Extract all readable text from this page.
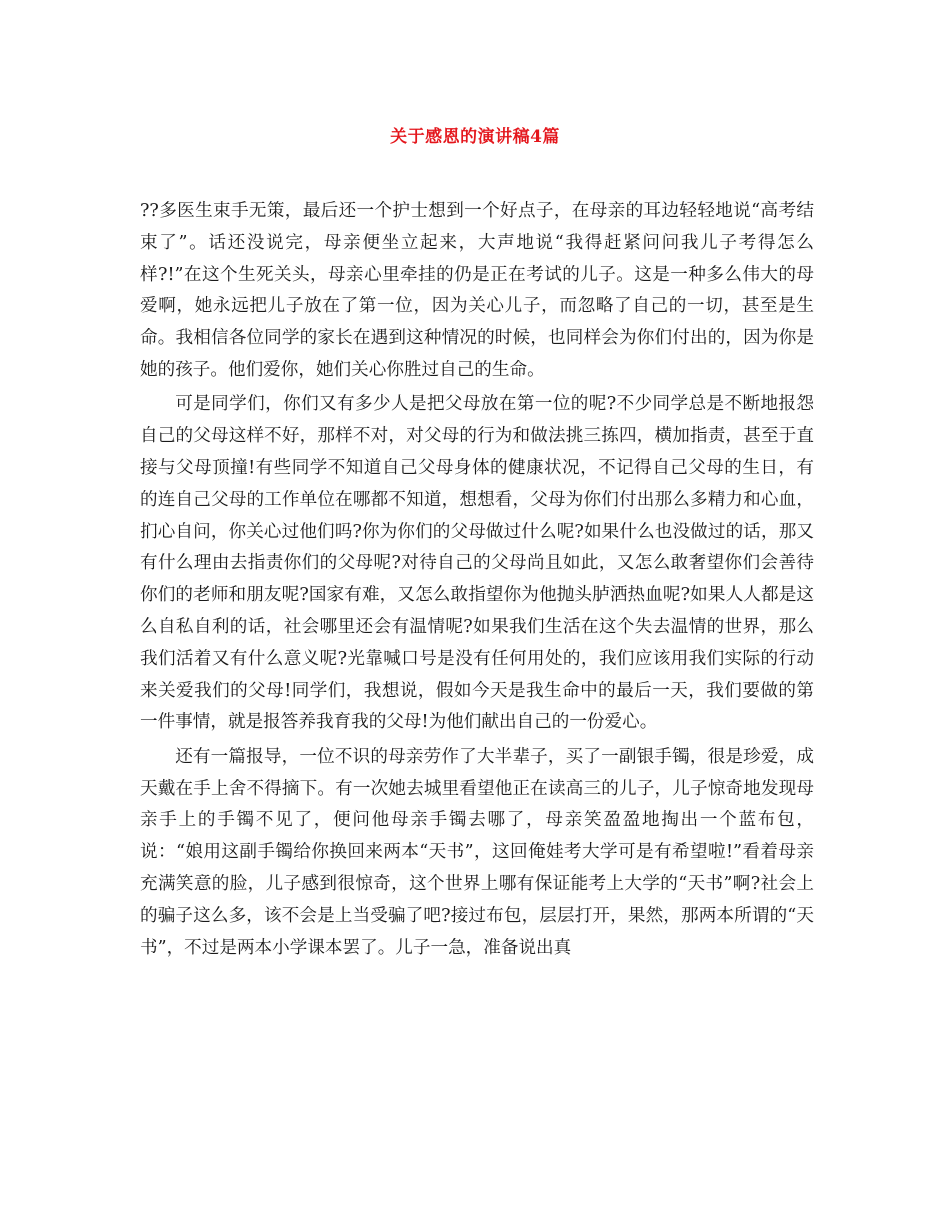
关于感恩的演讲稿4篇

??多医生束手无策，最后还一个护士想到一个好点子，在母亲的耳边轻轻地说“高考结束了”。话还没说完，母亲便坐立起来，大声地说“我得赶紧问问我儿子考得怎么样?!”在这个生死关头，母亲心里牵挂的仍是正在考试的儿子。这是一种多么伟大的母爱啊，她永远把儿子放在了第一位，因为关心儿子，而忽略了自己的一切，甚至是生命。我相信各位同学的家长在遇到这种情况的时候，也同样会为你们付出的，因为你是她的孩子。他们爱你，她们关心你胜过自己的生命。

可是同学们，你们又有多少人是把父母放在第一位的呢?不少同学总是不断地报怨自己的父母这样不好，那样不对，对父母的行为和做法挑三拣四，横加指责，甚至于直接与父母顶撞!有些同学不知道自己父母身体的健康状况，不记得自己父母的生日，有的连自己父母的工作单位在哪都不知道，想想看，父母为你们付出那么多精力和心血，扪心自问，你关心过他们吗?你为你们的父母做过什么呢?如果什么也没做过的话，那又有什么理由去指责你们的父母呢?对待自己的父母尚且如此，又怎么敢奢望你们会善待你们的老师和朋友呢?国家有难，又怎么敢指望你为他抛头胪洒热血呢?如果人人都是这么自私自利的话，社会哪里还会有温情呢?如果我们生活在这个失去温情的世界，那么我们活着又有什么意义呢?光靠喊口号是没有任何用处的，我们应该用我们实际的行动来关爱我们的父母!同学们，我想说，假如今天是我生命中的最后一天，我们要做的第一件事情，就是报答养我育我的父母!为他们献出自己的一份爱心。

还有一篇报导，一位不识的母亲劳作了大半辈子，买了一副银手镯，很是珍爱，成天戴在手上舍不得摘下。有一次她去城里看望他正在读高三的儿子，儿子惊奇地发现母亲手上的手镯不见了，便问他母亲手镯去哪了，母亲笑盈盈地掏出一个蓝布包，说：“娘用这副手镯给你换回来两本“天书”，这回俺娃考大学可是有希望啦!”看着母亲充满笑意的脸，儿子感到很惊奇，这个世界上哪有保证能考上大学的“天书”啊?社会上的骗子这么多，该不会是上当受骗了吧?接过布包，层层打开，果然，那两本所谓的“天书”，不过是两本小学课本罢了。儿子一急，准备说出真
